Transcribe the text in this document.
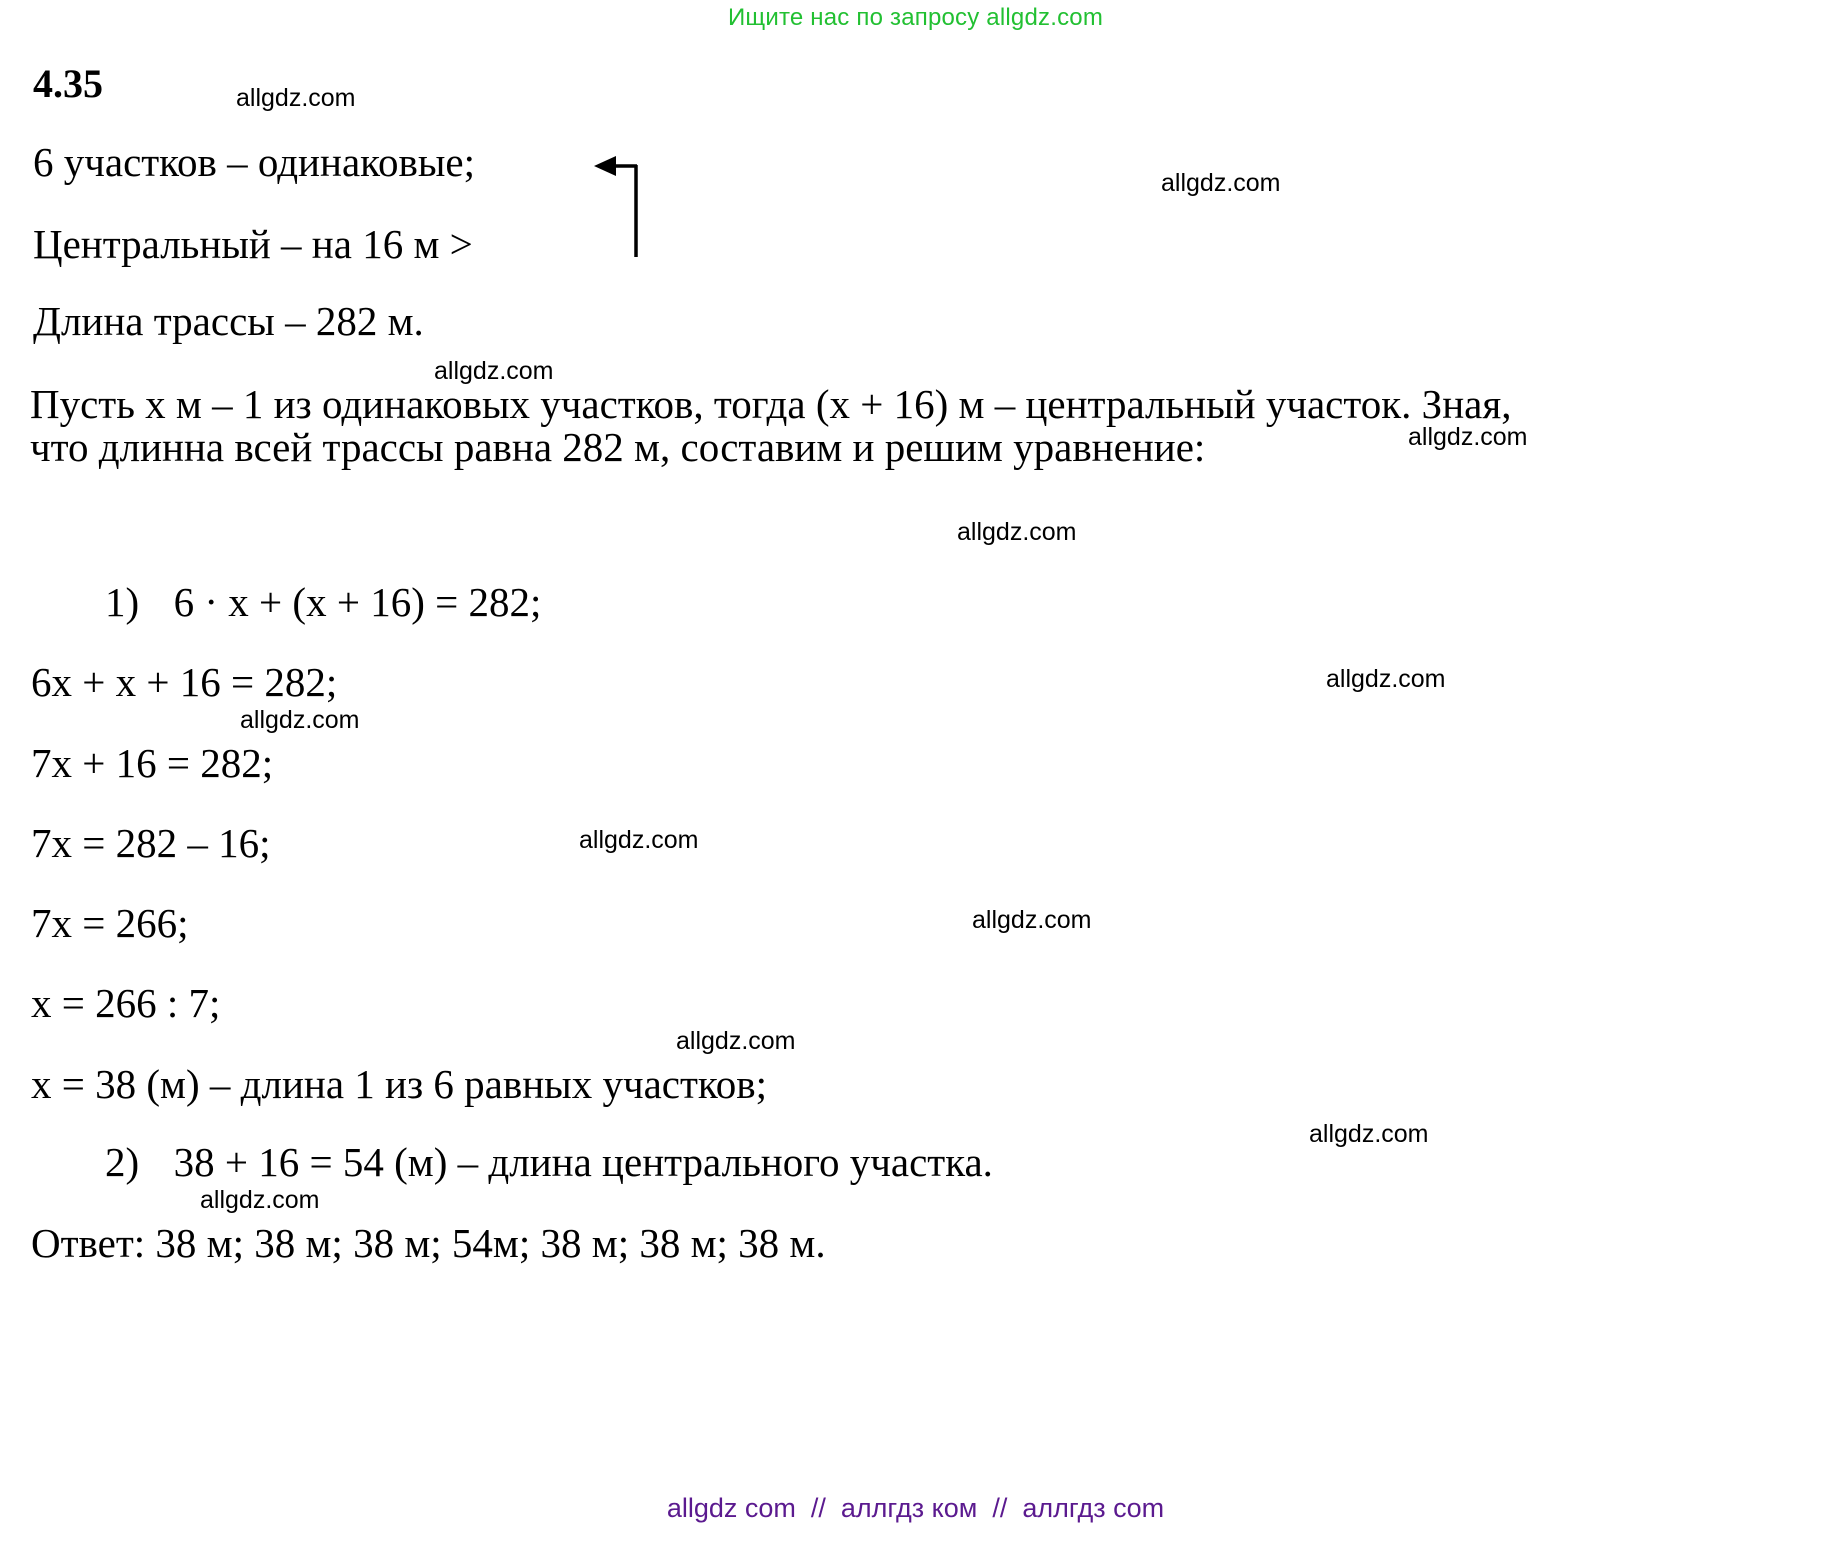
Ищите нас по запросу allgdz.com
4.35
6 участков – одинаковые;
Центральный – на 16 м >
Длина трассы – 282 м.
Пусть х м – 1 из одинаковых участков, тогда (х + 16) м – центральный участок. Зная, что длинна всей трассы равна 282 м, составим и решим уравнение:
1) 6 · х + (х + 16) = 282;
6х + х + 16 = 282;
7х + 16 = 282;
7х = 282 – 16;
7х = 266;
х = 266 : 7;
х = 38 (м) – длина 1 из 6 равных участков;
2) 38 + 16 = 54 (м) – длина центрального участка.
Ответ: 38 м; 38 м; 38 м; 54м; 38 м; 38 м; 38 м.
allgdz.com
allgdz.com
allgdz.com
allgdz.com
allgdz.com
allgdz.com
allgdz.com
allgdz.com
allgdz.com
allgdz.com
allgdz.com
allgdz.com
allgdz com  //  аллгдз ком  //  аллгдз com
